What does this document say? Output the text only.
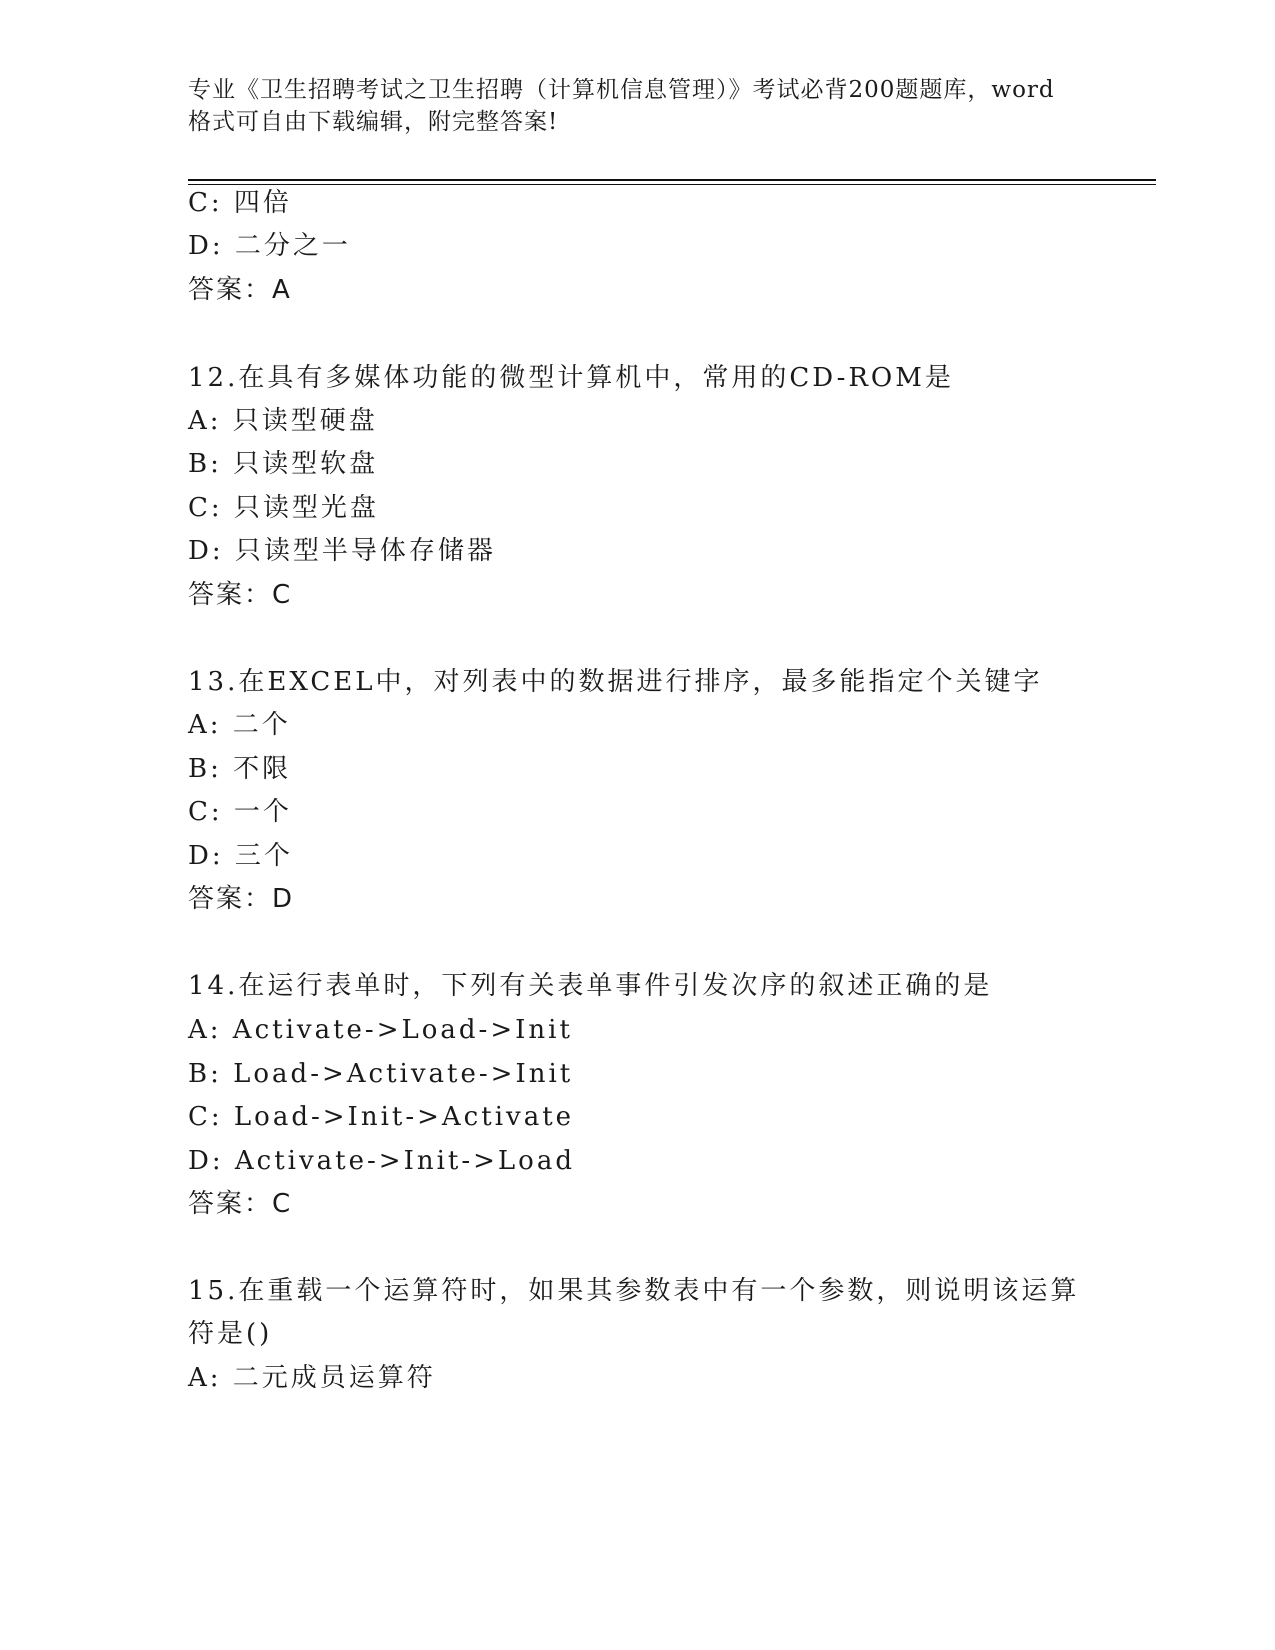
专业《卫生招聘考试之卫生招聘（计算机信息管理）》考试必背200题题库，word
格式可自由下载编辑，附完整答案!
C: 四倍
D: 二分之一
答案：A
12.在具有多媒体功能的微型计算机中，常用的CD-ROM是
A: 只读型硬盘
B: 只读型软盘
C: 只读型光盘
D: 只读型半导体存储器
答案：C
13.在EXCEL中，对列表中的数据进行排序，最多能指定个关键字
A: 二个
B: 不限
C: 一个
D: 三个
答案：D
14.在运行表单时，下列有关表单事件引发次序的叙述正确的是
A: Activate->Load->Init
B: Load->Activate->Init
C: Load->Init->Activate
D: Activate->Init->Load
答案：C
15.在重载一个运算符时，如果其参数表中有一个参数，则说明该运算
符是()
A: 二元成员运算符
